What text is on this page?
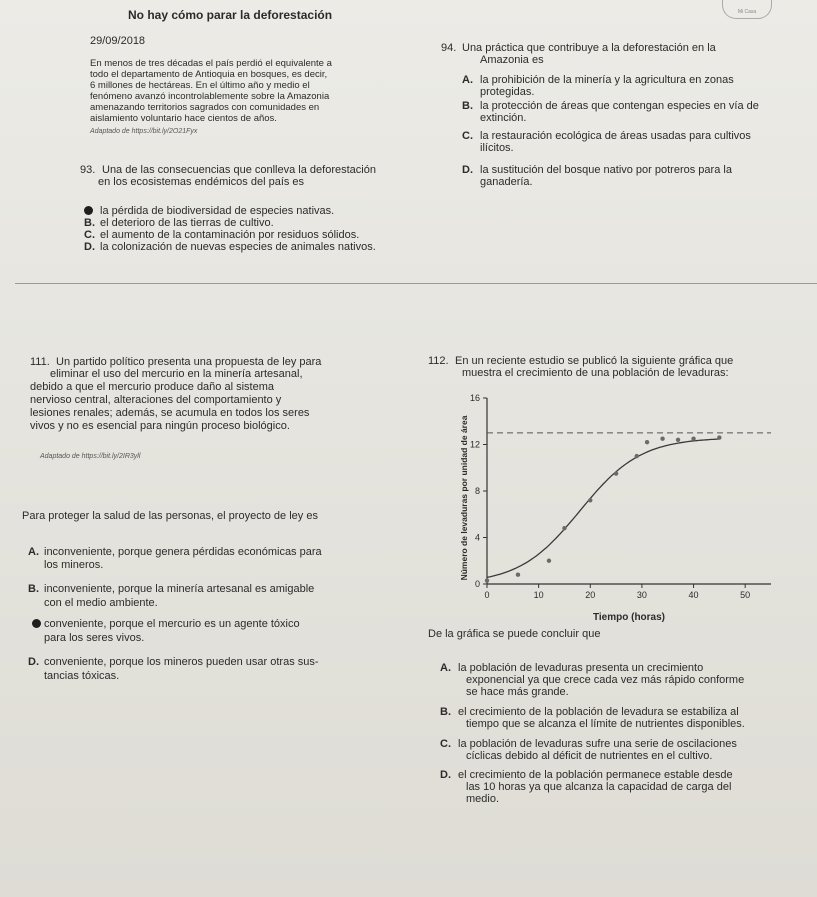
No hay cómo parar la deforestación	Mi Casa
29/09/2018
En menos de tres décadas el país perdió el equivalente a
todo el departamento de Antioquia en bosques, es decir,
6 millones de hectáreas. En el último año y medio el
fenómeno avanzó incontrolablemente sobre la Amazonia
amenazando territorios sagrados con comunidades en
aislamiento voluntario hace cientos de años.
Adaptado de https://bit.ly/2O21Fyx
93. Una de las consecuencias que conlleva la deforestación
en los ecosistemas endémicos del país es
la pérdida de biodiversidad de especies nativas.
B. el deterioro de las tierras de cultivo.
C. el aumento de la contaminación por residuos sólidos.
D. la colonización de nuevas especies de animales nativos.
94. Una práctica que contribuye a la deforestación en la
Amazonia es
A. la prohibición de la minería y la agricultura en zonas
protegidas.
B. la protección de áreas que contengan especies en vía de
extinción.
C. la restauración ecológica de áreas usadas para cultivos
ilícitos.
D. la sustitución del bosque nativo por potreros para la
ganadería.
111. Un partido político presenta una propuesta de ley para
eliminar el uso del mercurio en la minería artesanal,
debido a que el mercurio produce daño al sistema
nervioso central, alteraciones del comportamiento y
lesiones renales; además, se acumula en todos los seres
vivos y no es esencial para ningún proceso biológico.
Adaptado de https://bit.ly/2IR3yll
Para proteger la salud de las personas, el proyecto de ley es
A. inconveniente, porque genera pérdidas económicas para
los mineros.
B. inconveniente, porque la minería artesanal es amigable
con el medio ambiente.
conveniente, porque el mercurio es un agente tóxico
para los seres vivos.
D. conveniente, porque los mineros pueden usar otras sus-
tancias tóxicas.
112. En un reciente estudio se publicó la siguiente gráfica que
muestra el crecimiento de una población de levaduras:
Número de levaduras por unidad de área
Tiempo (horas)
0
4
8
12
16
0	10	20	30	40	50
De la gráfica se puede concluir que
A. la población de levaduras presenta un crecimiento
exponencial ya que crece cada vez más rápido conforme
se hace más grande.
B. el crecimiento de la población de levadura se estabiliza al
tiempo que se alcanza el límite de nutrientes disponibles.
C. la población de levaduras sufre una serie de oscilaciones
cíclicas debido al déficit de nutrientes en el cultivo.
D. el crecimiento de la población permanece estable desde
las 10 horas ya que alcanza la capacidad de carga del
medio.
